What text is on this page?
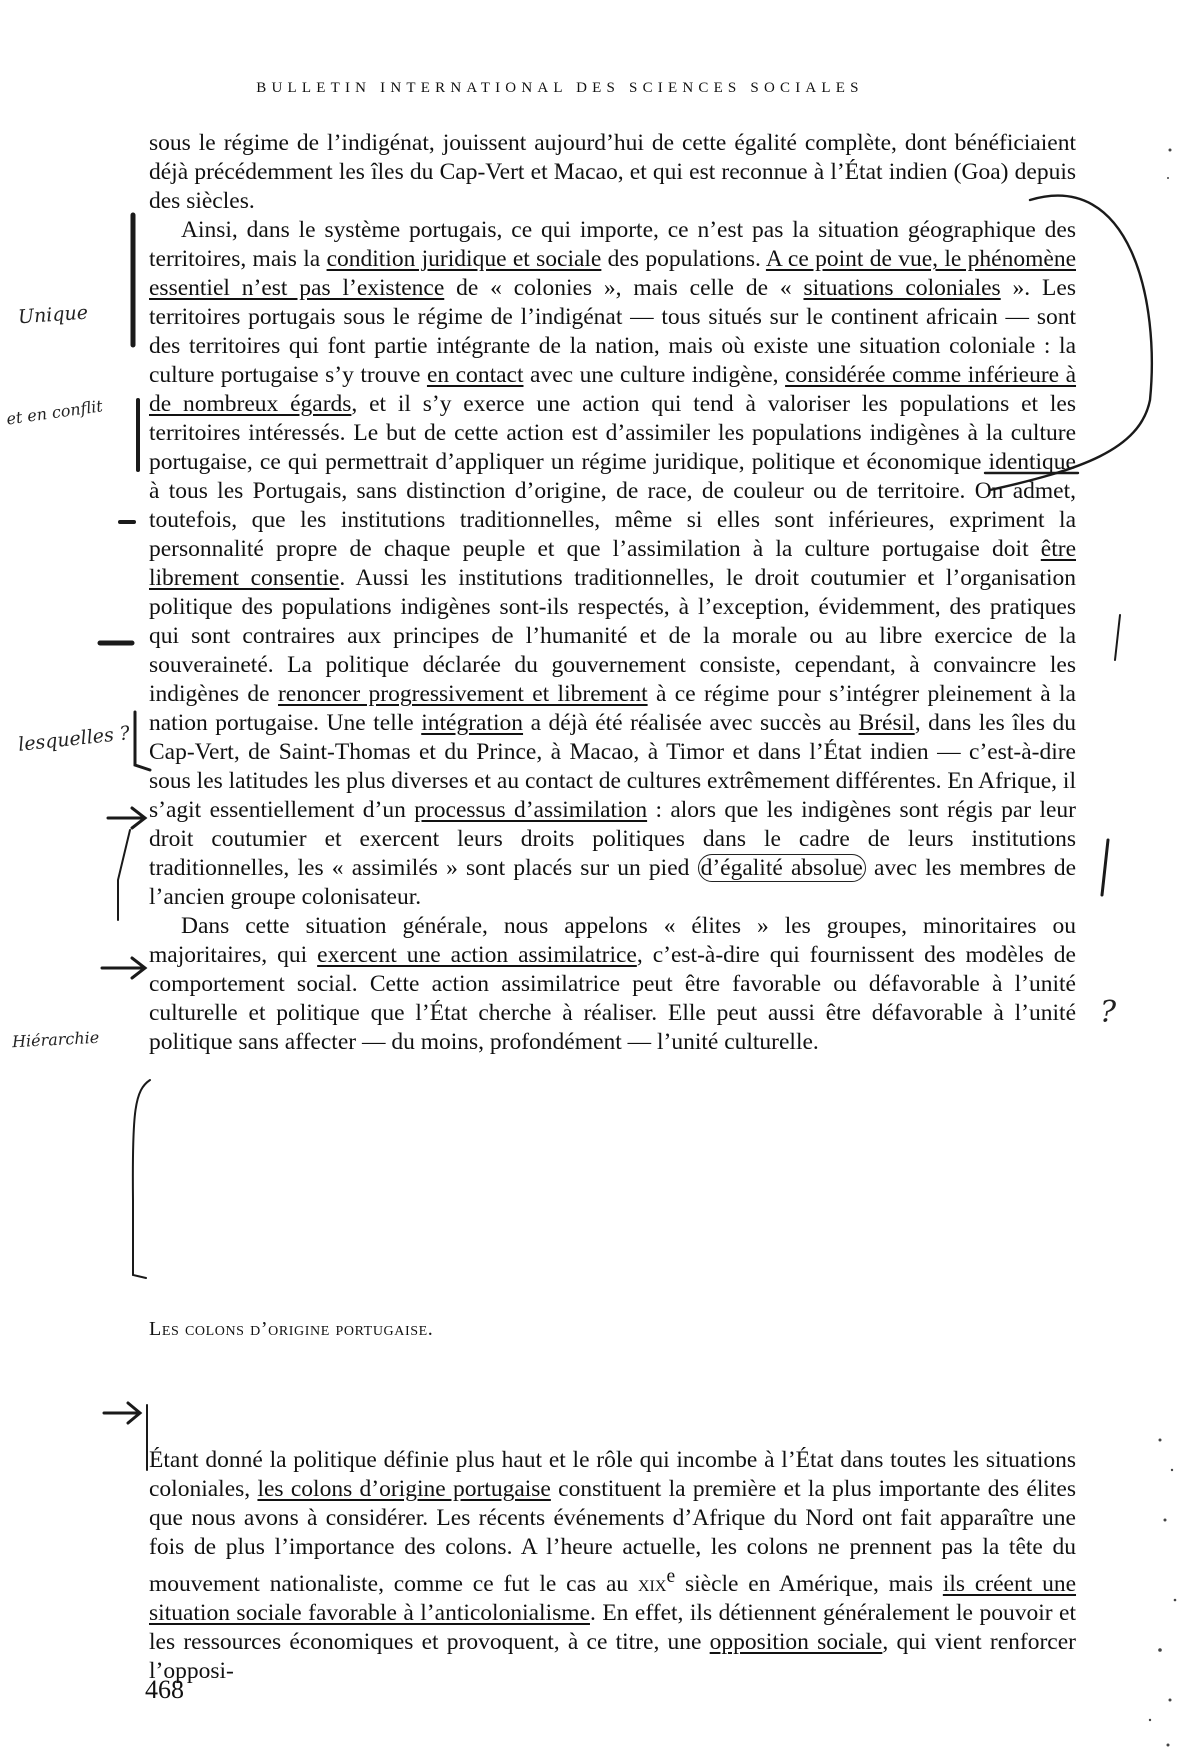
BULLETIN INTERNATIONAL DES SCIENCES SOCIALES

sous le régime de l’indigénat, jouissent aujourd’hui de cette égalité complète, dont bénéficiaient déjà précédemment les îles du Cap-Vert et Macao, et qui est reconnue à l’État indien (Goa) depuis des siècles.

Ainsi, dans le système portugais, ce qui importe, ce n’est pas la situation géographique des territoires, mais la condition juridique et sociale des populations. A ce point de vue, le phénomène essentiel n’est pas l’existence de « colonies », mais celle de « situations coloniales ». Les territoires portugais sous le régime de l’indigénat — tous situés sur le continent africain — sont des territoires qui font partie intégrante de la nation, mais où existe une situation coloniale : la culture portugaise s’y trouve en contact avec une culture indigène, considérée comme inférieure à de nombreux égards, et il s’y exerce une action qui tend à valoriser les populations et les territoires intéressés. Le but de cette action est d’assimiler les populations indigènes à la culture portugaise, ce qui permettrait d’appliquer un régime juridique, politique et économique identique à tous les Portugais, sans distinction d’origine, de race, de couleur ou de territoire. On admet, toutefois, que les institutions traditionnelles, même si elles sont inférieures, expriment la personnalité propre de chaque peuple et que l’assimilation à la culture portugaise doit être librement consentie. Aussi les institutions traditionnelles, le droit coutumier et l’organisation politique des populations indigènes sont-ils respectés, à l’exception, évidemment, des pratiques qui sont contraires aux principes de l’humanité et de la morale ou au libre exercice de la souveraineté. La politique déclarée du gouvernement consiste, cependant, à convaincre les indigènes de renoncer progressivement et librement à ce régime pour s’intégrer pleinement à la nation portugaise. Une telle intégration a déjà été réalisée avec succès au Brésil, dans les îles du Cap-Vert, de Saint-Thomas et du Prince, à Macao, à Timor et dans l’État indien — c’est-à-dire sous les latitudes les plus diverses et au contact de cultures extrêmement différentes. En Afrique, il s’agit essentiellement d’un processus d’assimilation : alors que les indigènes sont régis par leur droit coutumier et exercent leurs droits politiques dans le cadre de leurs institutions traditionnelles, les « assimilés » sont placés sur un pied d’égalité absolue avec les membres de l’ancien groupe colonisateur.

Dans cette situation générale, nous appelons « élites » les groupes, minoritaires ou majoritaires, qui exercent une action assimilatrice, c’est-à-dire qui fournissent des modèles de comportement social. Cette action assimilatrice peut être favorable ou défavorable à l’unité culturelle et politique que l’État cherche à réaliser. Elle peut aussi être défavorable à l’unité politique sans affecter — du moins, profondément — l’unité culturelle.

Les colons d’origine portugaise.

Étant donné la politique définie plus haut et le rôle qui incombe à l’État dans toutes les situations coloniales, les colons d’origine portugaise constituent la première et la plus importante des élites que nous avons à considérer. Les récents événements d’Afrique du Nord ont fait apparaître une fois de plus l’importance des colons. A l’heure actuelle, les colons ne prennent pas la tête du mouvement nationaliste, comme ce fut le cas au xix$^e$ siècle en Amérique, mais ils créent une situation sociale favorable à l’anticolonialisme. En effet, ils détiennent généralement le pouvoir et les ressources économiques et provoquent, à ce titre, une opposition sociale, qui vient renforcer l’opposi-

468
Unique
et en conflit
lesquelles ?
Hiérarchie
?
